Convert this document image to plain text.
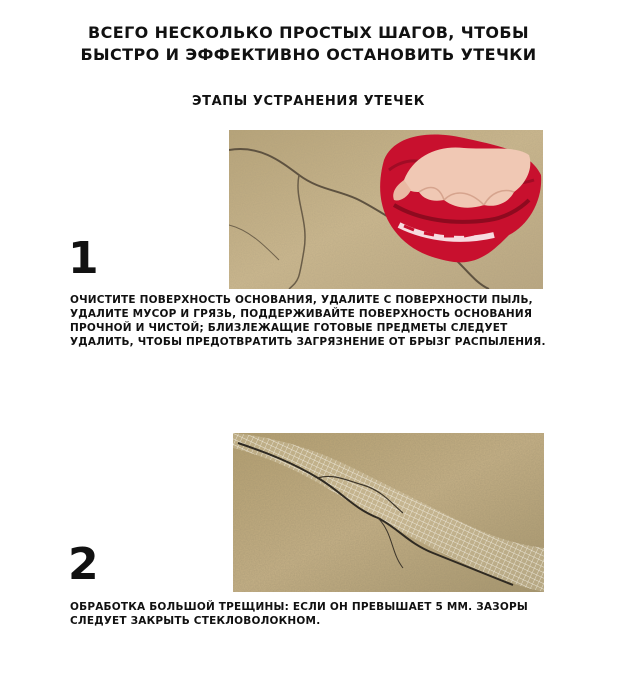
ВСЕГО НЕСКОЛЬКО ПРОСТЫХ ШАГОВ, ЧТОБЫ
БЫСТРО И ЭФФЕКТИВНО ОСТАНОВИТЬ УТЕЧКИ
ЭТАПЫ УСТРАНЕНИЯ УТЕЧЕК
1
ОЧИСТИТЕ ПОВЕРХНОСТЬ ОСНОВАНИЯ, УДАЛИТЕ С ПОВЕРХНОСТИ ПЫЛЬ, УДАЛИТЕ МУСОР И ГРЯЗЬ, ПОДДЕРЖИВАЙТЕ ПОВЕРХНОСТЬ ОСНОВАНИЯ ПРОЧНОЙ И ЧИСТОЙ; БЛИЗЛЕЖАЩИЕ ГОТОВЫЕ ПРЕДМЕТЫ СЛЕДУЕТ УДАЛИТЬ, ЧТОБЫ ПРЕДОТВРАТИТЬ ЗАГРЯЗНЕНИЕ ОТ БРЫЗГ РАСПЫЛЕНИЯ.
2
ОБРАБОТКА БОЛЬШОЙ ТРЕЩИНЫ: ЕСЛИ ОН ПРЕВЫШАЕТ 5 ММ. ЗАЗОРЫ СЛЕДУЕТ ЗАКРЫТЬ СТЕКЛОВОЛОКНОМ.
